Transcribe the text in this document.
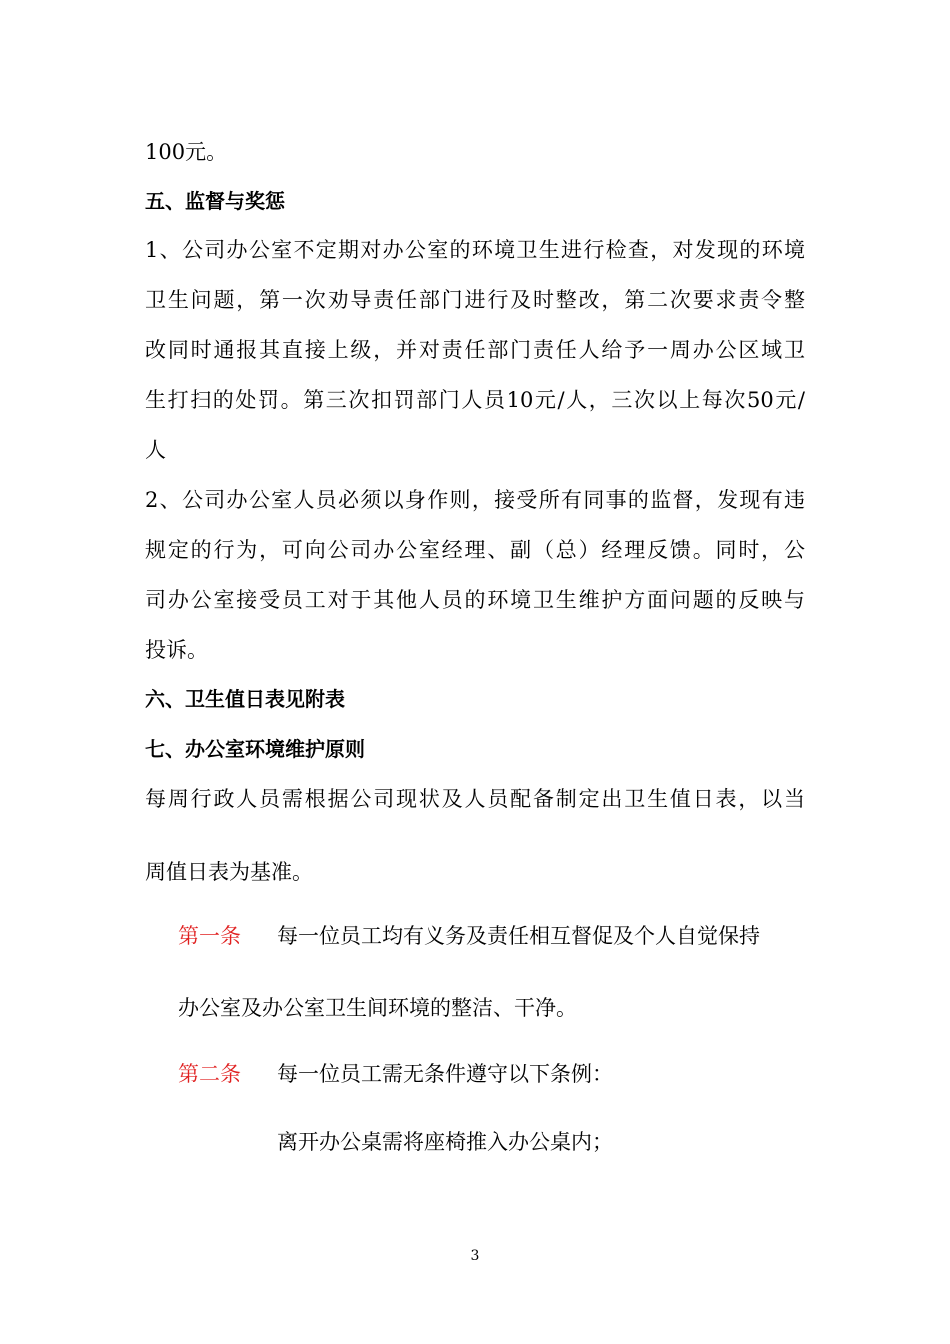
100元。
五、监督与奖惩
1、公司办公室不定期对办公室的环境卫生进行检查，对发现的环境
卫生问题，第一次劝导责任部门进行及时整改，第二次要求责令整
改同时通报其直接上级，并对责任部门责任人给予一周办公区域卫
生打扫的处罚。第三次扣罚部门人员10元/人，三次以上每次50元/
人
2、公司办公室人员必须以身作则，接受所有同事的监督，发现有违
规定的行为，可向公司办公室经理、副（总）经理反馈。同时，公
司办公室接受员工对于其他人员的环境卫生维护方面问题的反映与
投诉。
六、卫生值日表见附表
七、办公室环境维护原则
每周行政人员需根据公司现状及人员配备制定出卫生值日表，以当
周值日表为基准。
第一条 每一位员工均有义务及责任相互督促及个人自觉保持
办公室及办公室卫生间环境的整洁、干净。
第二条 每一位员工需无条件遵守以下条例：
离开办公桌需将座椅推入办公桌内；
3
